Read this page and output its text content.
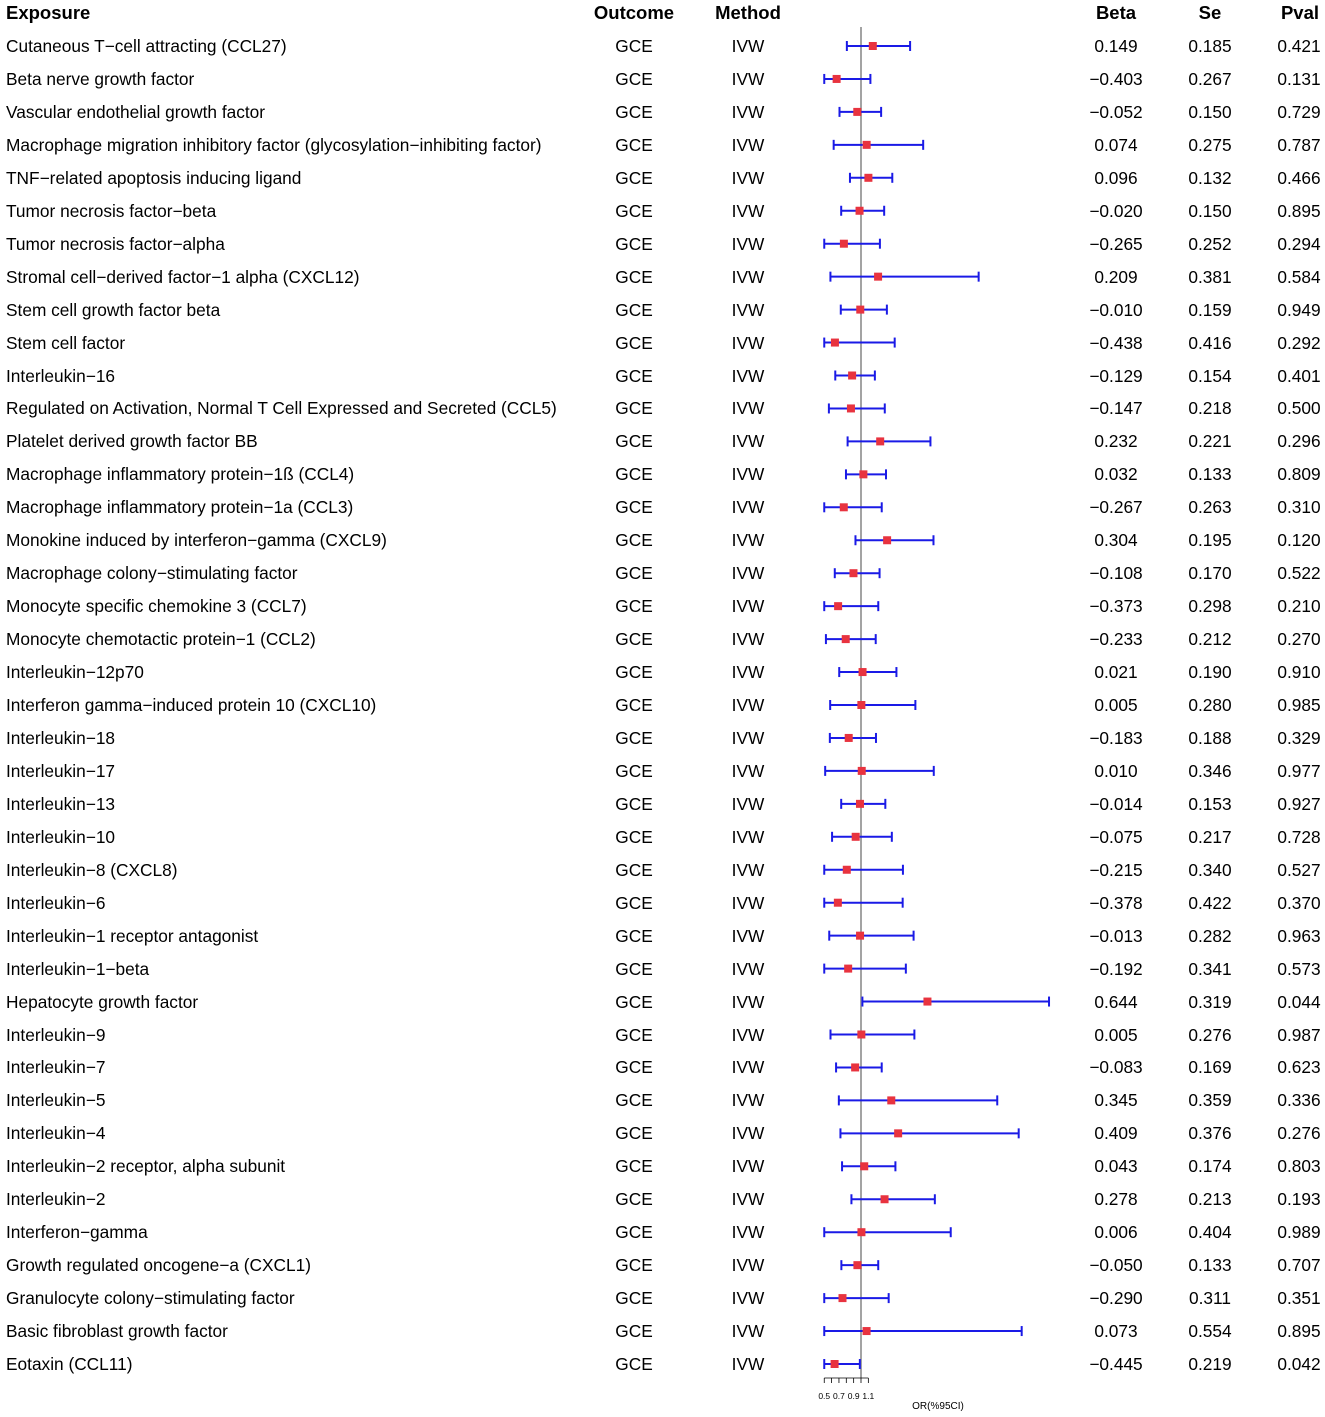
Exposure	Outcome	Method	Beta	Se	Pval
Cutaneous T−cell attracting (CCL27)	GCE	IVW	0.149	0.185	0.421
Beta nerve growth factor	GCE	IVW	−0.403	0.267	0.131
Vascular endothelial growth factor	GCE	IVW	−0.052	0.150	0.729
Macrophage migration inhibitory factor (glycosylation−inhibiting factor)	GCE	IVW	0.074	0.275	0.787
TNF−related apoptosis inducing ligand	GCE	IVW	0.096	0.132	0.466
Tumor necrosis factor−beta	GCE	IVW	−0.020	0.150	0.895
Tumor necrosis factor−alpha	GCE	IVW	−0.265	0.252	0.294
Stromal cell−derived factor−1 alpha (CXCL12)	GCE	IVW	0.209	0.381	0.584
Stem cell growth factor beta	GCE	IVW	−0.010	0.159	0.949
Stem cell factor	GCE	IVW	−0.438	0.416	0.292
Interleukin−16	GCE	IVW	−0.129	0.154	0.401
Regulated on Activation, Normal T Cell Expressed and Secreted (CCL5)	GCE	IVW	−0.147	0.218	0.500
Platelet derived growth factor BB	GCE	IVW	0.232	0.221	0.296
Macrophage inflammatory protein−1ß (CCL4)	GCE	IVW	0.032	0.133	0.809
Macrophage inflammatory protein−1a (CCL3)	GCE	IVW	−0.267	0.263	0.310
Monokine induced by interferon−gamma (CXCL9)	GCE	IVW	0.304	0.195	0.120
Macrophage colony−stimulating factor	GCE	IVW	−0.108	0.170	0.522
Monocyte specific chemokine 3 (CCL7)	GCE	IVW	−0.373	0.298	0.210
Monocyte chemotactic protein−1 (CCL2)	GCE	IVW	−0.233	0.212	0.270
Interleukin−12p70	GCE	IVW	0.021	0.190	0.910
Interferon gamma−induced protein 10 (CXCL10)	GCE	IVW	0.005	0.280	0.985
Interleukin−18	GCE	IVW	−0.183	0.188	0.329
Interleukin−17	GCE	IVW	0.010	0.346	0.977
Interleukin−13	GCE	IVW	−0.014	0.153	0.927
Interleukin−10	GCE	IVW	−0.075	0.217	0.728
Interleukin−8 (CXCL8)	GCE	IVW	−0.215	0.340	0.527
Interleukin−6	GCE	IVW	−0.378	0.422	0.370
Interleukin−1 receptor antagonist	GCE	IVW	−0.013	0.282	0.963
Interleukin−1−beta	GCE	IVW	−0.192	0.341	0.573
Hepatocyte growth factor	GCE	IVW	0.644	0.319	0.044
Interleukin−9	GCE	IVW	0.005	0.276	0.987
Interleukin−7	GCE	IVW	−0.083	0.169	0.623
Interleukin−5	GCE	IVW	0.345	0.359	0.336
Interleukin−4	GCE	IVW	0.409	0.376	0.276
Interleukin−2 receptor, alpha subunit	GCE	IVW	0.043	0.174	0.803
Interleukin−2	GCE	IVW	0.278	0.213	0.193
Interferon−gamma	GCE	IVW	0.006	0.404	0.989
Growth regulated oncogene−a (CXCL1)	GCE	IVW	−0.050	0.133	0.707
Granulocyte colony−stimulating factor	GCE	IVW	−0.290	0.311	0.351
Basic fibroblast growth factor	GCE	IVW	0.073	0.554	0.895
Eotaxin (CCL11)	GCE	IVW	−0.445	0.219	0.042
0.5 0.7 0.9 1.1
OR(%95CI)
